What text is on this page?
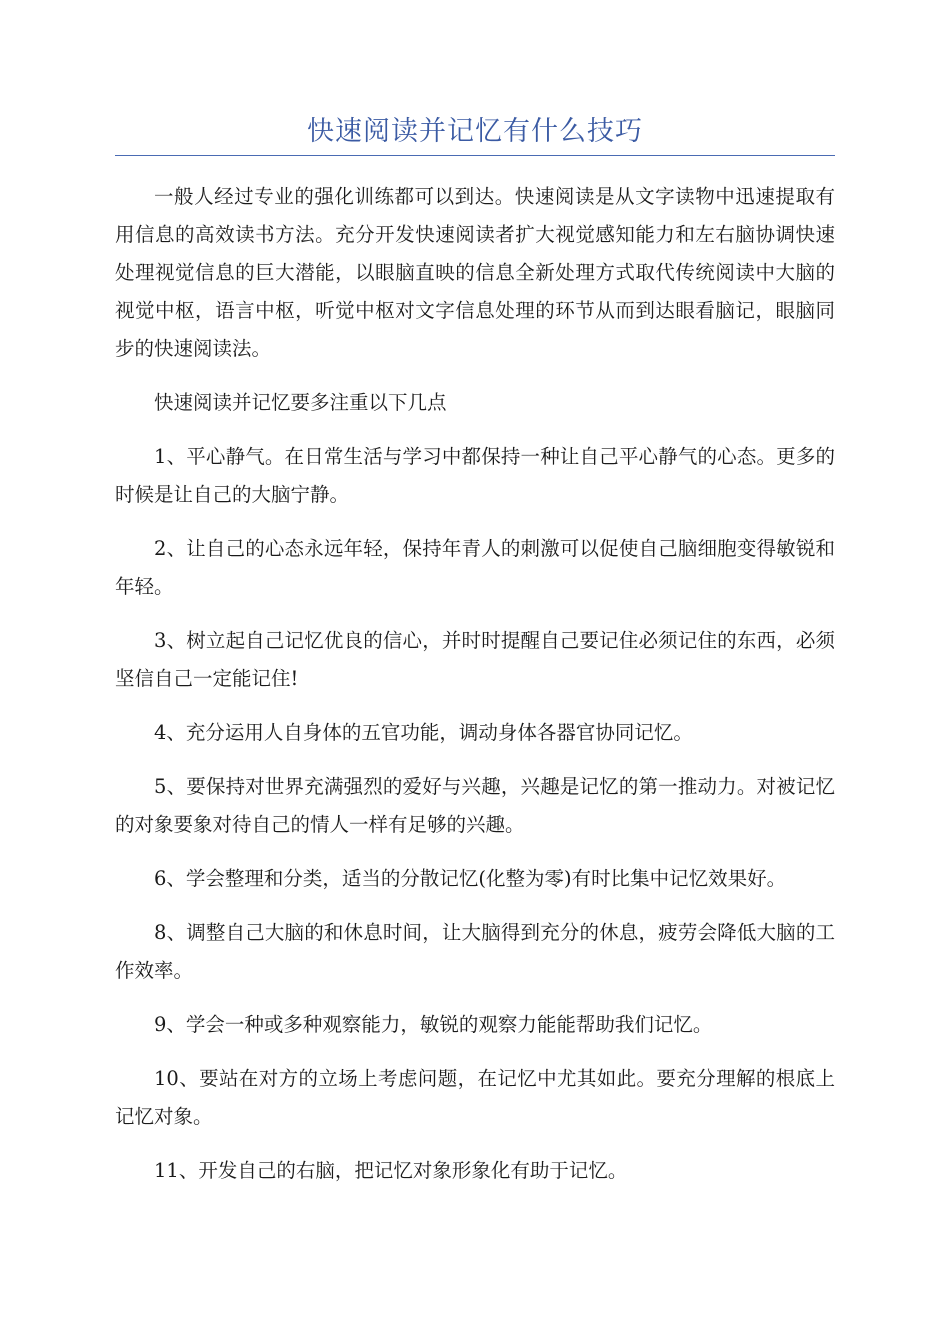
快速阅读并记忆有什么技巧

一般人经过专业的强化训练都可以到达。快速阅读是从文字读物中迅速提取有用信息的高效读书方法。充分开发快速阅读者扩大视觉感知能力和左右脑协调快速处理视觉信息的巨大潜能，以眼脑直映的信息全新处理方式取代传统阅读中大脑的视觉中枢，语言中枢，听觉中枢对文字信息处理的环节从而到达眼看脑记，眼脑同步的快速阅读法。

快速阅读并记忆要多注重以下几点

1、平心静气。在日常生活与学习中都保持一种让自己平心静气的心态。更多的时候是让自己的大脑宁静。

2、让自己的心态永远年轻，保持年青人的刺激可以促使自己脑细胞变得敏锐和年轻。

3、树立起自己记忆优良的信心，并时时提醒自己要记住必须记住的东西，必须坚信自己一定能记住!

4、充分运用人自身体的五官功能，调动身体各器官协同记忆。

5、要保持对世界充满强烈的爱好与兴趣，兴趣是记忆的第一推动力。对被记忆的对象要象对待自己的情人一样有足够的兴趣。

6、学会整理和分类，适当的分散记忆(化整为零)有时比集中记忆效果好。

8、调整自己大脑的和休息时间，让大脑得到充分的休息，疲劳会降低大脑的工作效率。

9、学会一种或多种观察能力，敏锐的观察力能能帮助我们记忆。

10、要站在对方的立场上考虑问题，在记忆中尤其如此。要充分理解的根底上记忆对象。

11、开发自己的右脑，把记忆对象形象化有助于记忆。
